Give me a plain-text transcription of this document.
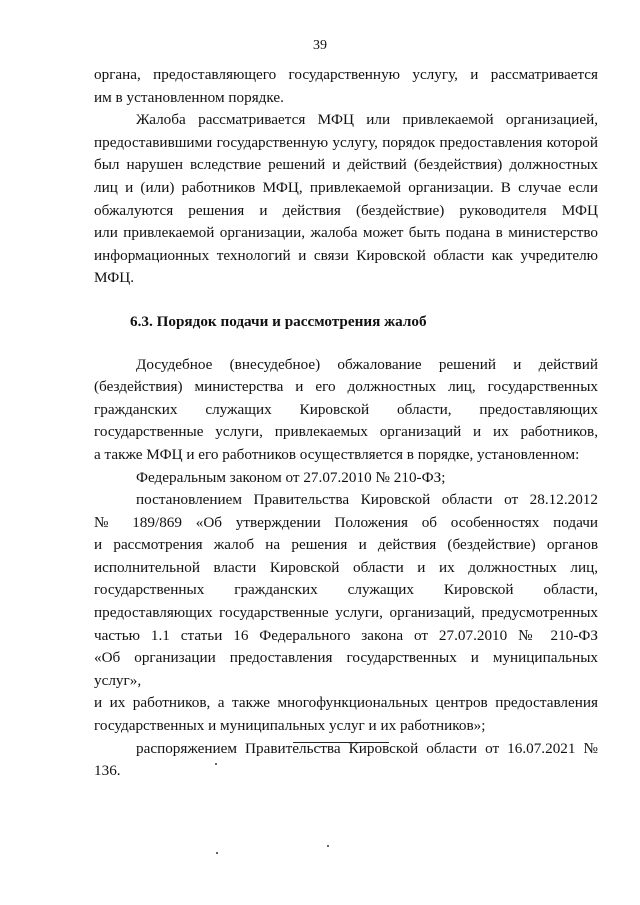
39

органа, предоставляющего государственную услугу, и рассматривается

им в установленном порядке.

Жалоба рассматривается МФЦ или привлекаемой организацией,

предоставившими государственную услугу, порядок предоставления которой

был нарушен вследствие решений и действий (бездействия) должностных

лиц и (или) работников МФЦ, привлекаемой организации. В случае если

обжалуются решения и действия (бездействие) руководителя МФЦ

или привлекаемой организации, жалоба может быть подана в министерство

информационных технологий и связи Кировской области как учредителю

МФЦ.

6.3. Порядок подачи и рассмотрения жалоб

Досудебное (внесудебное) обжалование решений и действий

(бездействия) министерства и его должностных лиц, государственных

гражданских служащих Кировской области, предоставляющих

государственные услуги, привлекаемых организаций и их работников,

а также МФЦ и его работников осуществляется в порядке, установленном:

Федеральным законом от 27.07.2010 № 210-ФЗ;

постановлением Правительства Кировской области от 28.12.2012

№ 189/869 «Об утверждении Положения об особенностях подачи

и рассмотрения жалоб на решения и действия (бездействие) органов

исполнительной власти Кировской области и их должностных лиц,

государственных гражданских служащих Кировской области,

предоставляющих государственные услуги, организаций, предусмотренных

частью 1.1 статьи 16 Федерального закона от 27.07.2010 № 210-ФЗ

«Об организации предоставления государственных и муниципальных услуг»,

и их работников, а также многофункциональных центров предоставления

государственных и муниципальных услуг и их работников»;

распоряжением Правительства Кировской области от 16.07.2021 № 136.
